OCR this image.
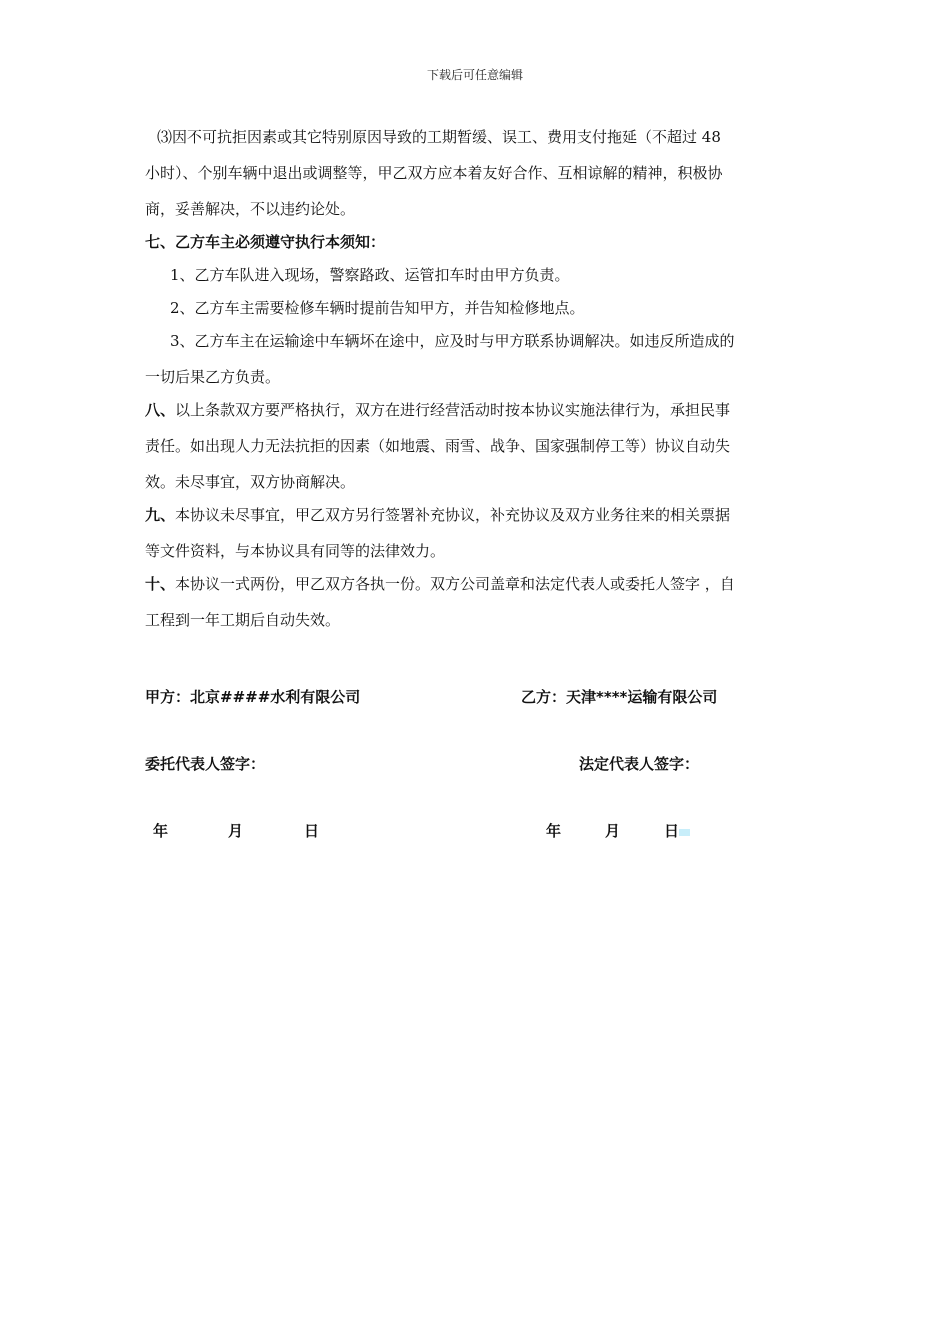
下载后可任意编辑
⑶因不可抗拒因素或其它特别原因导致的工期暂缓、误工、费用支付拖延（不超过 48
小时）、个别车辆中退出或调整等，甲乙双方应本着友好合作、互相谅解的精神，积极协
商，妥善解决，不以违约论处。
七、乙方车主必须遵守执行本须知：
1、乙方车队进入现场，警察路政、运管扣车时由甲方负责。
2、乙方车主需要检修车辆时提前告知甲方，并告知检修地点。
3、乙方车主在运输途中车辆坏在途中，应及时与甲方联系协调解决。如违反所造成的
一切后果乙方负责。
八、以上条款双方要严格执行，双方在进行经营活动时按本协议实施法律行为，承担民事
责任。如出现人力无法抗拒的因素（如地震、雨雪、战争、国家强制停工等）协议自动失
效。未尽事宜，双方协商解决。
九、本协议未尽事宜，甲乙双方另行签署补充协议，补充协议及双方业务往来的相关票据
等文件资料，与本协议具有同等的法律效力。
十、本协议一式两份，甲乙双方各执一份。双方公司盖章和法定代表人或委托人签字 ，自
工程到一年工期后自动失效。
甲方：北京####水利有限公司	乙方：天津****运输有限公司
委托代表人签字：	法定代表人签字：
年	月	日	年	月	日
